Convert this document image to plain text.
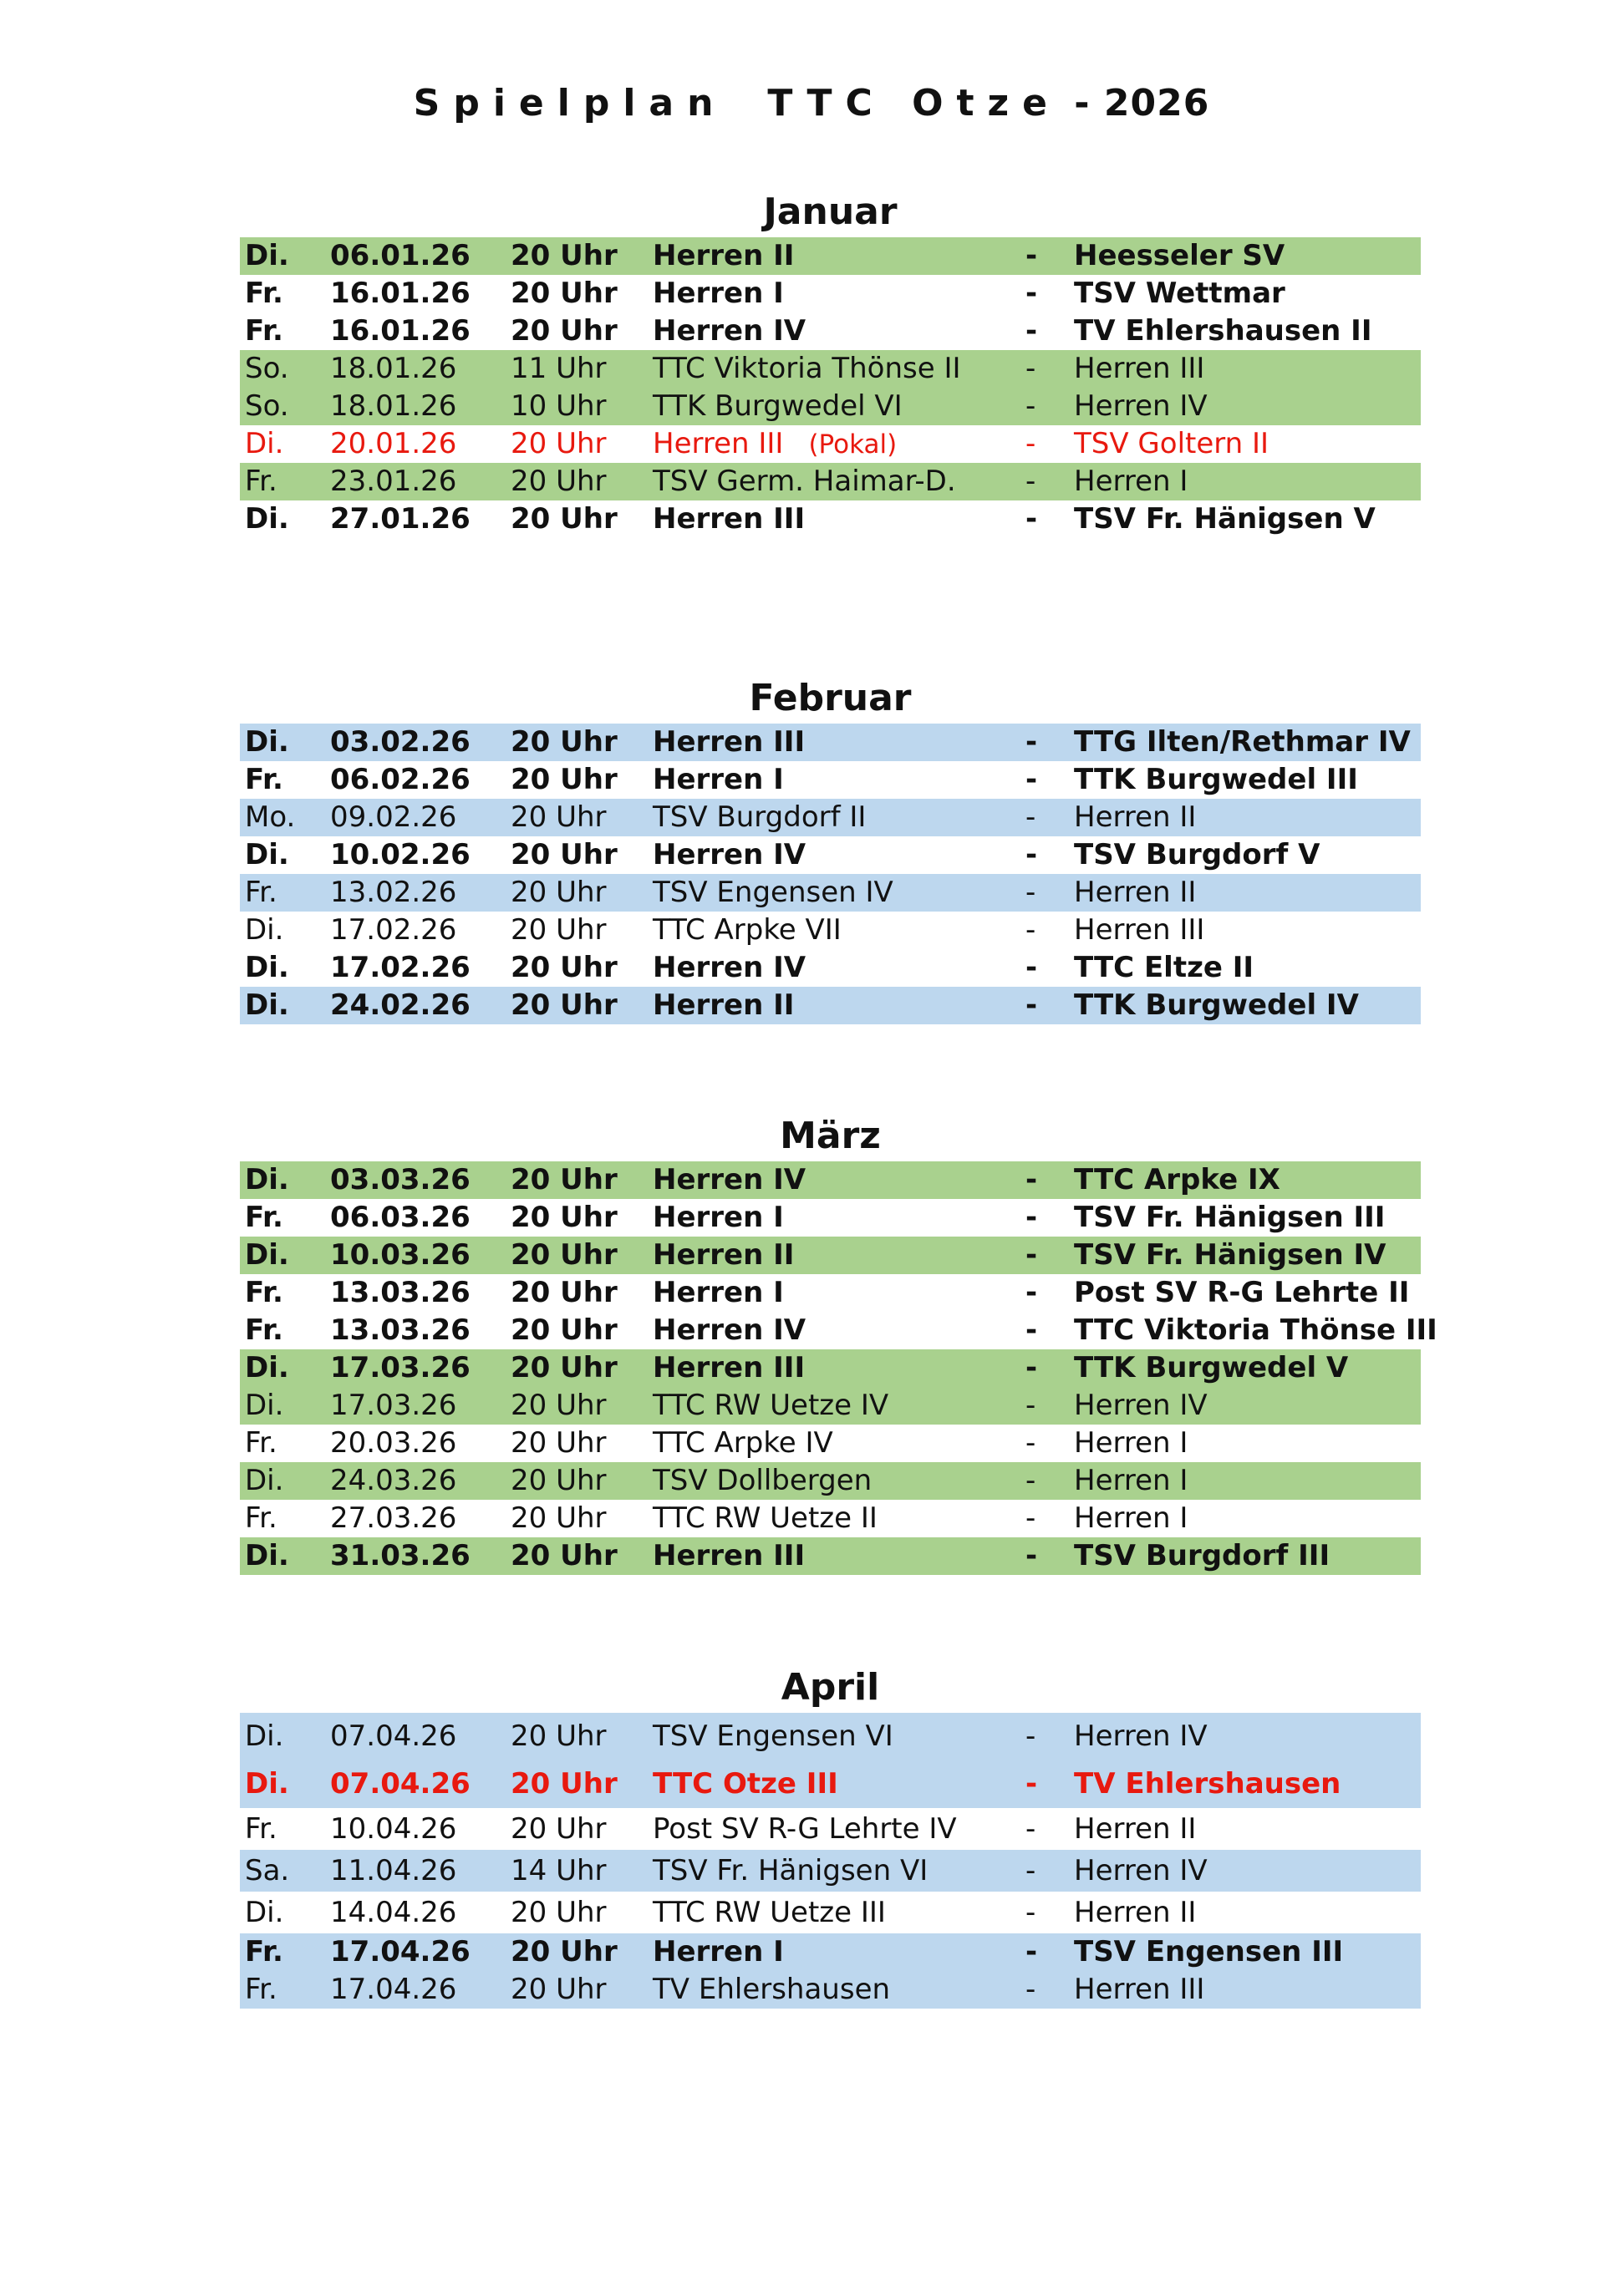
Spielplan TTC Otze - 2026
Januar
Di. 06.01.26 20 Uhr Herren II	- Heesseler SV
Fr. 16.01.26 20 Uhr Herren I	- TSV Wettmar
Fr. 16.01.26 20 Uhr Herren IV	- TV Ehlershausen II
So. 18.01.26 11 Uhr TTC Viktoria Thönse II - Herren III
So. 18.01.26 10 Uhr TTK Burgwedel VI	- Herren IV
Di. 20.01.26 20 Uhr Herren III (Pokal)	- TSV Goltern II
Fr. 23.01.26 20 Uhr TSV Germ. Haimar-D. - Herren I
Di. 27.01.26 20 Uhr Herren III	- TSV Fr. Hänigsen V
Februar
Di. 03.02.26 20 Uhr Herren III	- TTG Ilten/Rethmar IV
Fr. 06.02.26 20 Uhr Herren I	- TTK Burgwedel III
Mo. 09.02.26 20 Uhr TSV Burgdorf II	- Herren II
Di. 10.02.26 20 Uhr Herren IV	- TSV Burgdorf V
Fr. 13.02.26 20 Uhr TSV Engensen IV	- Herren II
Di. 17.02.26 20 Uhr TTC Arpke VII	- Herren III
Di. 17.02.26 20 Uhr Herren IV	- TTC Eltze II
Di. 24.02.26 20 Uhr Herren II	- TTK Burgwedel IV
März
Di. 03.03.26 20 Uhr Herren IV	- TTC Arpke IX
Fr. 06.03.26 20 Uhr Herren I	- TSV Fr. Hänigsen III
Di. 10.03.26 20 Uhr Herren II	- TSV Fr. Hänigsen IV
Fr. 13.03.26 20 Uhr Herren I	- Post SV R-G Lehrte II
Fr. 13.03.26 20 Uhr Herren IV	- TTC Viktoria Thönse III
Di. 17.03.26 20 Uhr Herren III	- TTK Burgwedel V
Di. 17.03.26 20 Uhr TTC RW Uetze IV	- Herren IV
Fr. 20.03.26 20 Uhr TTC Arpke IV	- Herren I
Di. 24.03.26 20 Uhr TSV Dollbergen	- Herren I
Fr. 27.03.26 20 Uhr TTC RW Uetze II	- Herren I
Di. 31.03.26 20 Uhr Herren III	- TSV Burgdorf III
April
Di. 07.04.26 20 Uhr TSV Engensen VI	- Herren IV
Di. 07.04.26 20 Uhr TTC Otze III	- TV Ehlershausen
Fr. 10.04.26 20 Uhr Post SV R-G Lehrte IV - Herren II
Sa. 11.04.26 14 Uhr TSV Fr. Hänigsen VI	- Herren IV
Di. 14.04.26 20 Uhr TTC RW Uetze III	- Herren II
Fr. 17.04.26 20 Uhr Herren I	- TSV Engensen III
Fr. 17.04.26 20 Uhr TV Ehlershausen	- Herren III
